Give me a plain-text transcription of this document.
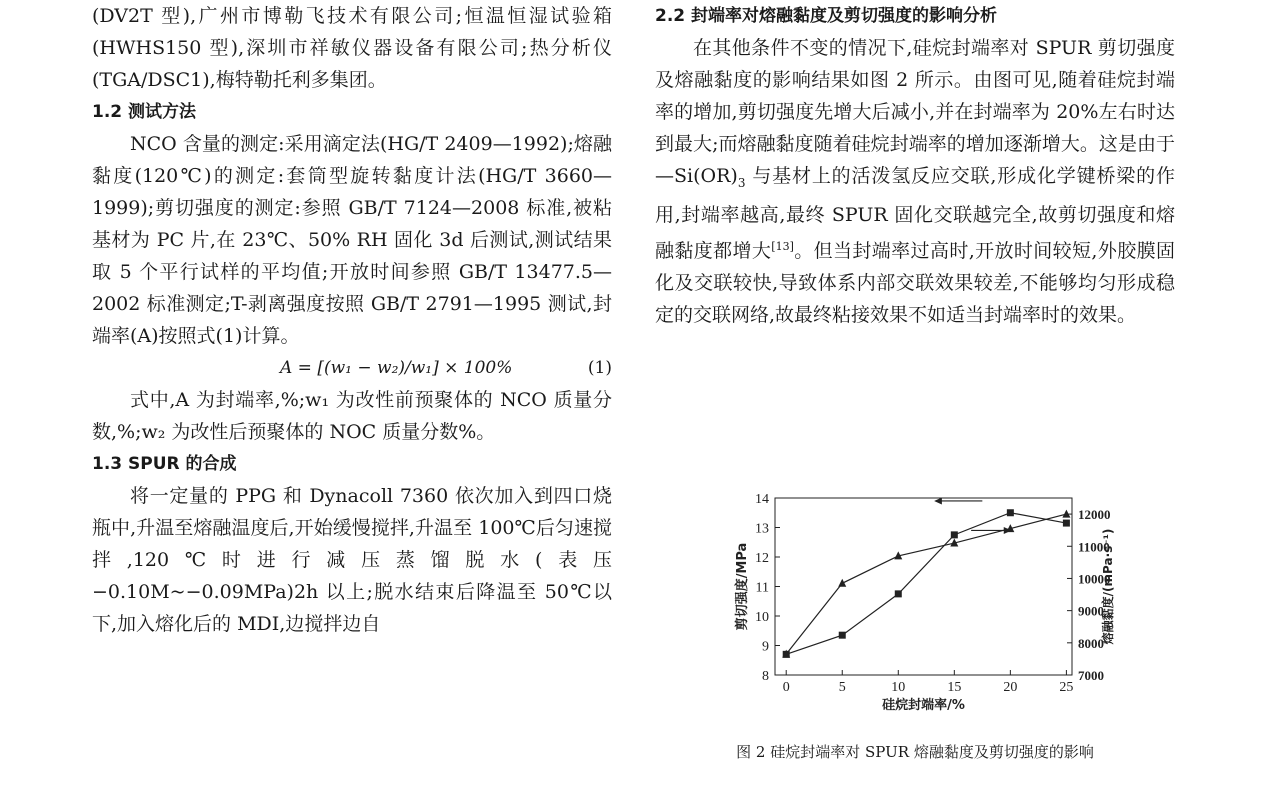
(DV2T 型),广州市博勒飞技术有限公司;恒温恒湿试验箱(HWHS150 型),深圳市祥敏仪器设备有限公司;热分析仪(TGA/DSC1),梅特勒托利多集团。

1.2 测试方法

NCO 含量的测定:采用滴定法(HG/T 2409—1992);熔融黏度(120℃)的测定:套筒型旋转黏度计法(HG/T 3660—1999);剪切强度的测定:参照 GB/T 7124—2008 标准,被粘基材为 PC 片,在 23℃、50% RH 固化 3d 后测试,测试结果取 5 个平行试样的平均值;开放时间参照 GB/T 13477.5—2002 标准测定;T-剥离强度按照 GB/T 2791—1995 测试,封端率(A)按照式(1)计算。

A = [(w₁ − w₂)/w₁] × 100%	(1)

式中,A 为封端率,%;w₁ 为改性前预聚体的 NCO 质量分数,%;w₂ 为改性后预聚体的 NOC 质量分数%。

1.3 SPUR 的合成

将一定量的 PPG 和 Dynacoll 7360 依次加入到四口烧瓶中,升温至熔融温度后,开始缓慢搅拌,升温至 100℃后匀速搅拌,120℃时进行减压蒸馏脱水(表压−0.10M~−0.09MPa)2h 以上;脱水结束后降温至 50℃以下,加入熔化后的 MDI,边搅拌边自

2.2 封端率对熔融黏度及剪切强度的影响分析

在其他条件不变的情况下,硅烷封端率对 SPUR 剪切强度及熔融黏度的影响结果如图 2 所示。由图可见,随着硅烷封端率的增加,剪切强度先增大后减小,并在封端率为 20%左右时达到最大;而熔融黏度随着硅烷封端率的增加逐渐增大。这是由于$—Si(OR)_3$ 与基材上的活泼氢反应交联,形成化学键桥梁的作用,封端率越高,最终 SPUR 固化交联越完全,故剪切强度和熔融黏度都增大[13]。但当封端率过高时,开放时间较短,外胶膜固化及交联较快,导致体系内部交联效果较差,不能够均匀形成稳定的交联网络,故最终粘接效果不如适当封端率时的效果。

0	5	10	15	20	25
8
9
10
11
12
13
14
7000
8000
9000
10000
11000
12000
硅烷封端率/%
剪切强度/MPa	熔融黏度/(mPa·s⁻¹)
图 2 硅烷封端率对 SPUR 熔融黏度及剪切强度的影响
